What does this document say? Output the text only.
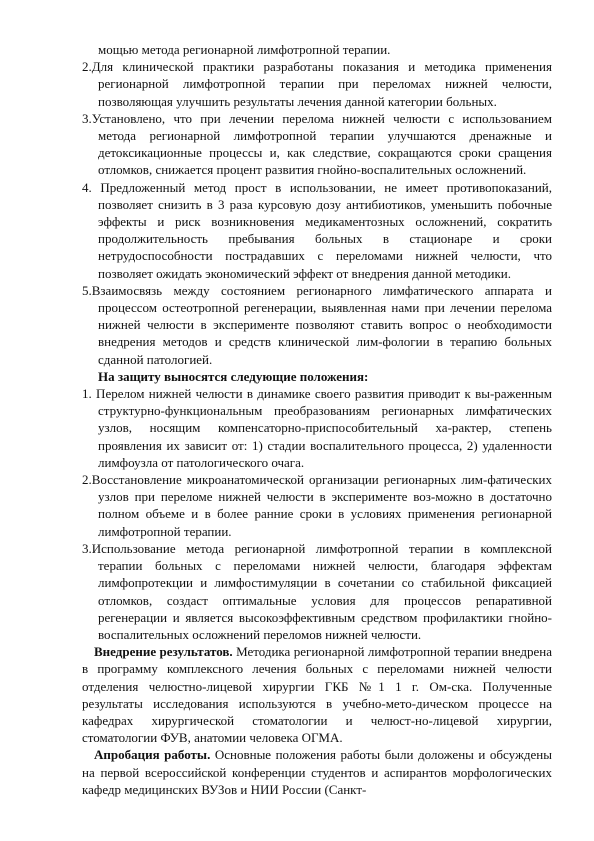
мощью метода регионарной лимфотропной терапии.

2.Для клинической практики разработаны показания и методика применения регионарной лимфотропной терапии при переломах нижней челюсти, позволяющая улучшить результаты лечения данной категории больных.

3.Установлено, что при лечении перелома нижней челюсти с использованием метода регионарной лимфотропной терапии улучшаются дренажные и детоксикационные процессы и, как следствие, сокращаются сроки сращения отломков, снижается процент развития гнойно-воспалительных осложнений.

4. Предложенный метод прост в использовании, не имеет противопоказаний, позволяет снизить в 3 раза курсовую дозу антибиотиков, уменьшить побочные эффекты и риск возникновения медикаментозных осложнений, сократить продолжительность пребывания больных в стационаре и сроки нетрудоспособности пострадавших с переломами нижней челюсти, что позволяет ожидать экономический эффект от внедрения данной методики.

5.Взаимосвязь между состоянием регионарного лимфатического аппарата и процессом остеотропной регенерации, выявленная нами при лечении перелома нижней челюсти в эксперименте позволяют ставить вопрос о необходимости внедрения методов и средств клинической лим-фологии в терапию больных сданной патологией.

На защиту выносятся следующие положения:

1. Перелом нижней челюсти в динамике своего развития приводит к вы-раженным структурно-функциональным преобразованиям регионарных лимфатических узлов, носящим компенсаторно-приспособительный ха-рактер, степень проявления их зависит от: 1) стадии воспалительного процесса, 2) удаленности лимфоузла от патологического очага.

2.Восстановление микроанатомической организации регионарных лим-фатических узлов при переломе нижней челюсти в эксперименте воз-можно в достаточно полном объеме и в более ранние сроки в условиях применения регионарной лимфотропной терапии.

3.Использование метода регионарной лимфотропной терапии в комплексной терапии больных с переломами нижней челюсти, благодаря эффектам лимфопротекции и лимфостимуляции в сочетании со стабильной фиксацией отломков, создаст оптимальные условия для процессов репаративной регенерации и является высокоэффективным средством профилактики гнойно-воспалительных осложнений переломов нижней челюсти.

Внедрение результатов. Методика регионарной лимфотропной терапии внедрена в программу комплексного лечения больных с переломами нижней челюсти отделения челюстно-лицевой хирургии ГКБ №1 1 г. Ом-ска. Полученные результаты исследования используются в учебно-мето-дическом процессе на кафедрах хирургической стоматологии и челюст-но-лицевой хирургии, стоматологии ФУВ, анатомии человека ОГМА.

Апробация работы. Основные положения работы были доложены и обсуждены на первой всероссийской конференции студентов и аспирантов морфологических кафедр медицинских ВУЗов и НИИ России (Санкт-
